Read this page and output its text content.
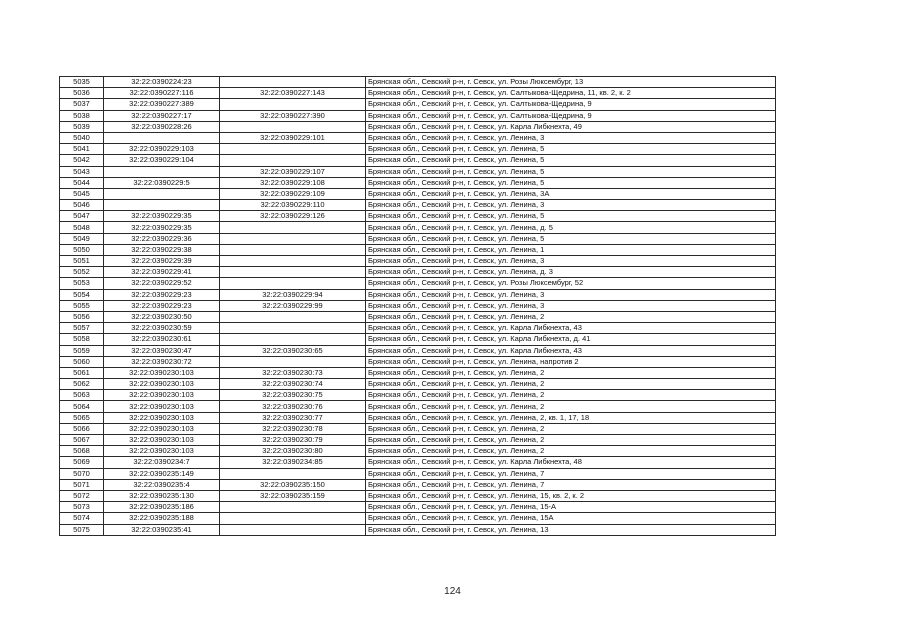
5035	32:22:0390224:23		Брянская обл., Севский р-н, г. Севск, ул. Розы Люксембург, 13
5036	32:22:0390227:116	32:22:0390227:143	Брянская обл., Севский р-н, г. Севск, ул. Салтыкова-Щедрина, 11, кв. 2, к. 2
5037	32:22:0390227:389		Брянская обл., Севский р-н, г. Севск, ул. Салтыкова-Щедрина, 9
5038	32:22:0390227:17	32:22:0390227:390	Брянская обл., Севский р-н, г. Севск, ул. Салтыкова-Щедрина, 9
5039	32:22:0390228:26		Брянская обл., Севский р-н, г. Севск, ул. Карла Либкнехта, 49
5040		32:22:0390229:101	Брянская обл., Севский р-н, г. Севск, ул. Ленина, 3
5041	32:22:0390229:103		Брянская обл., Севский р-н, г. Севск, ул. Ленина, 5
5042	32:22:0390229:104		Брянская обл., Севский р-н, г. Севск, ул. Ленина, 5
5043		32:22:0390229:107	Брянская обл., Севский р-н, г. Севск, ул. Ленина, 5
5044	32:22:0390229:5	32:22:0390229:108	Брянская обл., Севский р-н, г. Севск, ул. Ленина, 5
5045		32:22:0390229:109	Брянская обл., Севский р-н, г. Севск, ул. Ленина, 3А
5046		32:22:0390229:110	Брянская обл., Севский р-н, г. Севск, ул. Ленина, 3
5047	32:22:0390229:35	32:22:0390229:126	Брянская обл., Севский р-н, г. Севск, ул. Ленина, 5
5048	32:22:0390229:35		Брянская обл., Севский р-н, г. Севск, ул. Ленина, д. 5
5049	32:22:0390229:36		Брянская обл., Севский р-н, г. Севск, ул. Ленина, 5
5050	32:22:0390229:38		Брянская обл., Севский р-н, г. Севск, ул. Ленина, 1
5051	32:22:0390229:39		Брянская обл., Севский р-н, г. Севск, ул. Ленина, 3
5052	32:22:0390229:41		Брянская обл., Севский р-н, г. Севск, ул. Ленина, д. 3
5053	32:22:0390229:52		Брянская обл., Севский р-н, г. Севск, ул. Розы Люксембург, 52
5054	32:22:0390229:23	32:22:0390229:94	Брянская обл., Севский р-н, г. Севск, ул. Ленина, 3
5055	32:22:0390229:23	32:22:0390229:99	Брянская обл., Севский р-н, г. Севск, ул. Ленина, 3
5056	32:22:0390230:50		Брянская обл., Севский р-н, г. Севск, ул. Ленина, 2
5057	32:22:0390230:59		Брянская обл., Севский р-н, г. Севск, ул. Карла Либкнехта, 43
5058	32:22:0390230:61		Брянская обл., Севский р-н, г. Севск, ул. Карла Либкнехта, д. 41
5059	32:22:0390230:47	32:22:0390230:65	Брянская обл., Севский р-н, г. Севск, ул. Карла Либкнехта, 43
5060	32:22:0390230:72		Брянская обл., Севский р-н, г. Севск, ул. Ленина, напротив 2
5061	32:22:0390230:103	32:22:0390230:73	Брянская обл., Севский р-н, г. Севск, ул. Ленина, 2
5062	32:22:0390230:103	32:22:0390230:74	Брянская обл., Севский р-н, г. Севск, ул. Ленина, 2
5063	32:22:0390230:103	32:22:0390230:75	Брянская обл., Севский р-н, г. Севск, ул. Ленина, 2
5064	32:22:0390230:103	32:22:0390230:76	Брянская обл., Севский р-н, г. Севск, ул. Ленина, 2
5065	32:22:0390230:103	32:22:0390230:77	Брянская обл., Севский р-н, г. Севск, ул. Ленина, 2, кв. 1, 17, 18
5066	32:22:0390230:103	32:22:0390230:78	Брянская обл., Севский р-н, г. Севск, ул. Ленина, 2
5067	32:22:0390230:103	32:22:0390230:79	Брянская обл., Севский р-н, г. Севск, ул. Ленина, 2
5068	32:22:0390230:103	32:22:0390230:80	Брянская обл., Севский р-н, г. Севск, ул. Ленина, 2
5069	32:22:0390234:7	32:22:0390234:85	Брянская обл., Севский р-н, г. Севск, ул. Карла Либкнехта, 48
5070	32:22:0390235:149		Брянская обл., Севский р-н, г. Севск, ул. Ленина, 7
5071	32:22:0390235:4	32:22:0390235:150	Брянская обл., Севский р-н, г. Севск, ул. Ленина, 7
5072	32:22:0390235:130	32:22:0390235:159	Брянская обл., Севский р-н, г. Севск, ул. Ленина, 15, кв. 2, к. 2
5073	32:22:0390235:186		Брянская обл., Севский р-н, г. Севск, ул. Ленина, 15-А
5074	32:22:0390235:188		Брянская обл., Севский р-н, г. Севск, ул. Ленина, 15А
5075	32:22:0390235:41		Брянская обл., Севский р-н, г. Севск, ул. Ленина, 13
124
